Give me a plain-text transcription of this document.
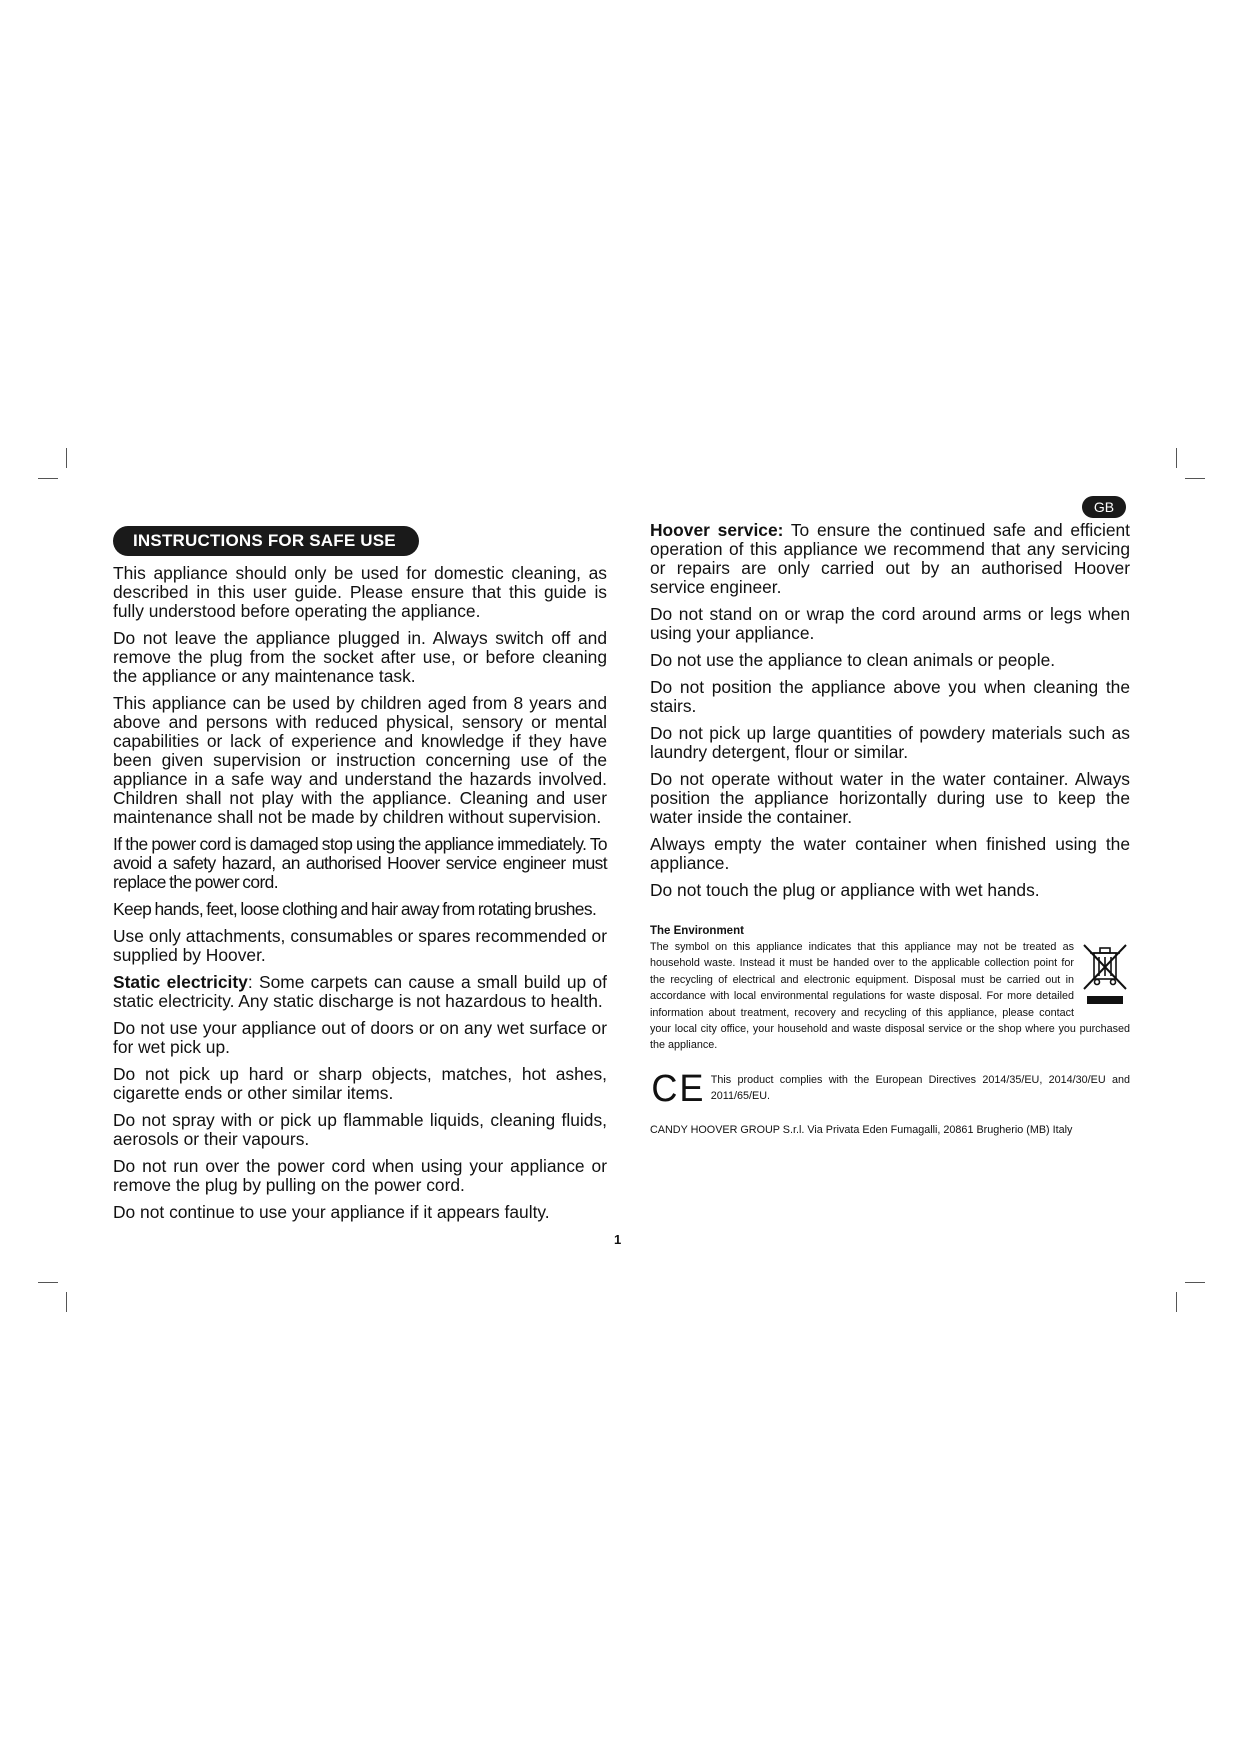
INSTRUCTIONS FOR SAFE USE
GB

This appliance should only be used for domestic cleaning, as described in this user guide. Please ensure that this guide is fully understood before operating the appliance.

Do not leave the appliance plugged in. Always switch off and remove the plug from the socket after use, or before cleaning the appliance or any maintenance task.

This appliance can be used by children aged from 8 years and above and persons with reduced physical, sensory or mental capabilities or lack of experience and knowledge if they have been given supervision or instruction concerning use of the appliance in a safe way and understand the hazards involved. Children shall not play with the appliance. Cleaning and user maintenance shall not be made by children without supervision.

If the power cord is damaged stop using the appliance immediately. To avoid a safety hazard, an authorised Hoover service engineer must replace the power cord.

Keep hands, feet, loose clothing and hair away from rotating brushes.

Use only attachments, consumables or spares recommended or supplied by Hoover.

Static electricity: Some carpets can cause a small build up of static electricity. Any static discharge is not hazardous to health.

Do not use your appliance out of doors or on any wet surface or for wet pick up.

Do not pick up hard or sharp objects, matches, hot ashes, cigarette ends or other similar items.

Do not spray with or pick up flammable liquids, cleaning fluids, aerosols or their vapours.

Do not run over the power cord when using your appliance or remove the plug by pulling on the power cord.

Do not continue to use your appliance if it appears faulty.

Hoover service: To ensure the continued safe and efficient operation of this appliance we recommend that any servicing or repairs are only carried out by an authorised Hoover service engineer.

Do not stand on or wrap the cord around arms or legs when using your appliance.

Do not use the appliance to clean animals or people.

Do not position the appliance above you when cleaning the stairs.

Do not pick up large quantities of powdery materials such as laundry detergent, flour or similar.

Do not operate without water in the water container. Always position the appliance horizontally during use to keep the water inside the container.

Always empty the water container when finished using the appliance.

Do not touch the plug or appliance with wet hands.

The Environment

The symbol on this appliance indicates that this appliance may not be treated as household waste. Instead it must be handed over to the applicable collection point for the recycling of electrical and electronic equipment. Disposal must be carried out in accordance with local environmental regulations for waste disposal. For more detailed information about treatment, recovery and recycling of this appliance, please contact your local city office, your household and waste disposal service or the shop where you purchased the appliance.

CE This product complies with the European Directives 2014/35/EU, 2014/30/EU and 2011/65/EU.

CANDY HOOVER GROUP S.r.l. Via Privata Eden Fumagalli, 20861 Brugherio (MB) Italy

1
